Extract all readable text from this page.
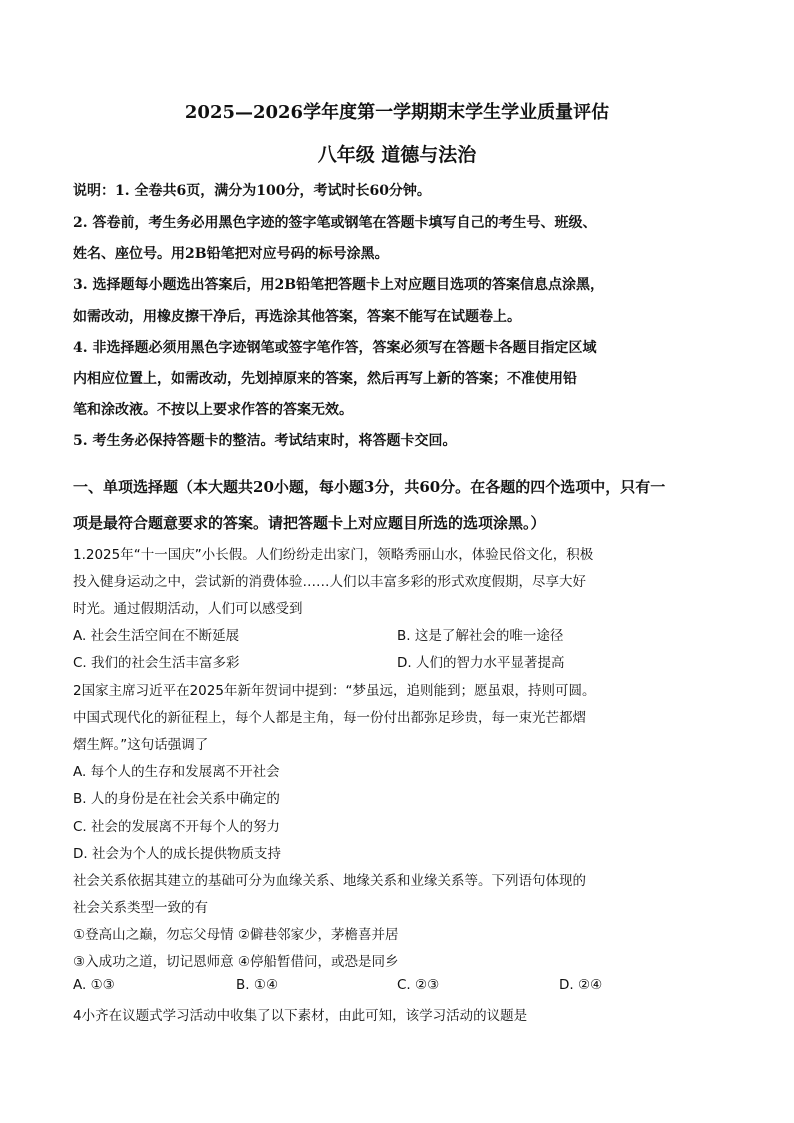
2025—2026学年度第一学期期末学生学业质量评估
八年级 道德与法治
说明：1. 全卷共6页，满分为100分，考试时长60分钟。
2. 答卷前，考生务必用黑色字迹的签字笔或钢笔在答题卡填写自己的考生号、班级、
姓名、座位号。用2B铅笔把对应号码的标号涂黑。
3. 选择题每小题选出答案后，用2B铅笔把答题卡上对应题目选项的答案信息点涂黑，
如需改动，用橡皮擦干净后，再选涂其他答案，答案不能写在试题卷上。
4. 非选择题必须用黑色字迹钢笔或签字笔作答，答案必须写在答题卡各题目指定区域
内相应位置上，如需改动，先划掉原来的答案，然后再写上新的答案；不准使用铅
笔和涂改液。不按以上要求作答的答案无效。
5. 考生务必保持答题卡的整洁。考试结束时，将答题卡交回。
一、单项选择题（本大题共20小题，每小题3分，共60分。在各题的四个选项中，只有一
项是最符合题意要求的答案。请把答题卡上对应题目所选的选项涂黑。）
1.2025年“十一国庆”小长假。人们纷纷走出家门，领略秀丽山水，体验民俗文化，积极
投入健身运动之中，尝试新的消费体验……人们以丰富多彩的形式欢度假期，尽享大好
时光。通过假期活动，人们可以感受到
A. 社会生活空间在不断延展	B. 这是了解社会的唯一途径
C. 我们的社会生活丰富多彩	D. 人们的智力水平显著提高
2国家主席习近平在2025年新年贺词中提到：“梦虽远，追则能到；愿虽艰，持则可圆。
中国式现代化的新征程上，每个人都是主角，每一份付出都弥足珍贵，每一束光芒都熠
熠生辉。”这句话强调了
A. 每个人的生存和发展离不开社会
B. 人的身份是在社会关系中确定的
C. 社会的发展离不开每个人的努力
D. 社会为个人的成长提供物质支持
社会关系依据其建立的基础可分为血缘关系、地缘关系和业缘关系等。下列语句体现的
社会关系类型一致的有
①登高山之巅，勿忘父母情 ②僻巷邻家少，茅檐喜并居
③入成功之道，切记恩师意 ④停船暂借问，或恐是同乡
A. ①③	B. ①④	C. ②③	D. ②④
4小齐在议题式学习活动中收集了以下素材，由此可知，该学习活动的议题是
